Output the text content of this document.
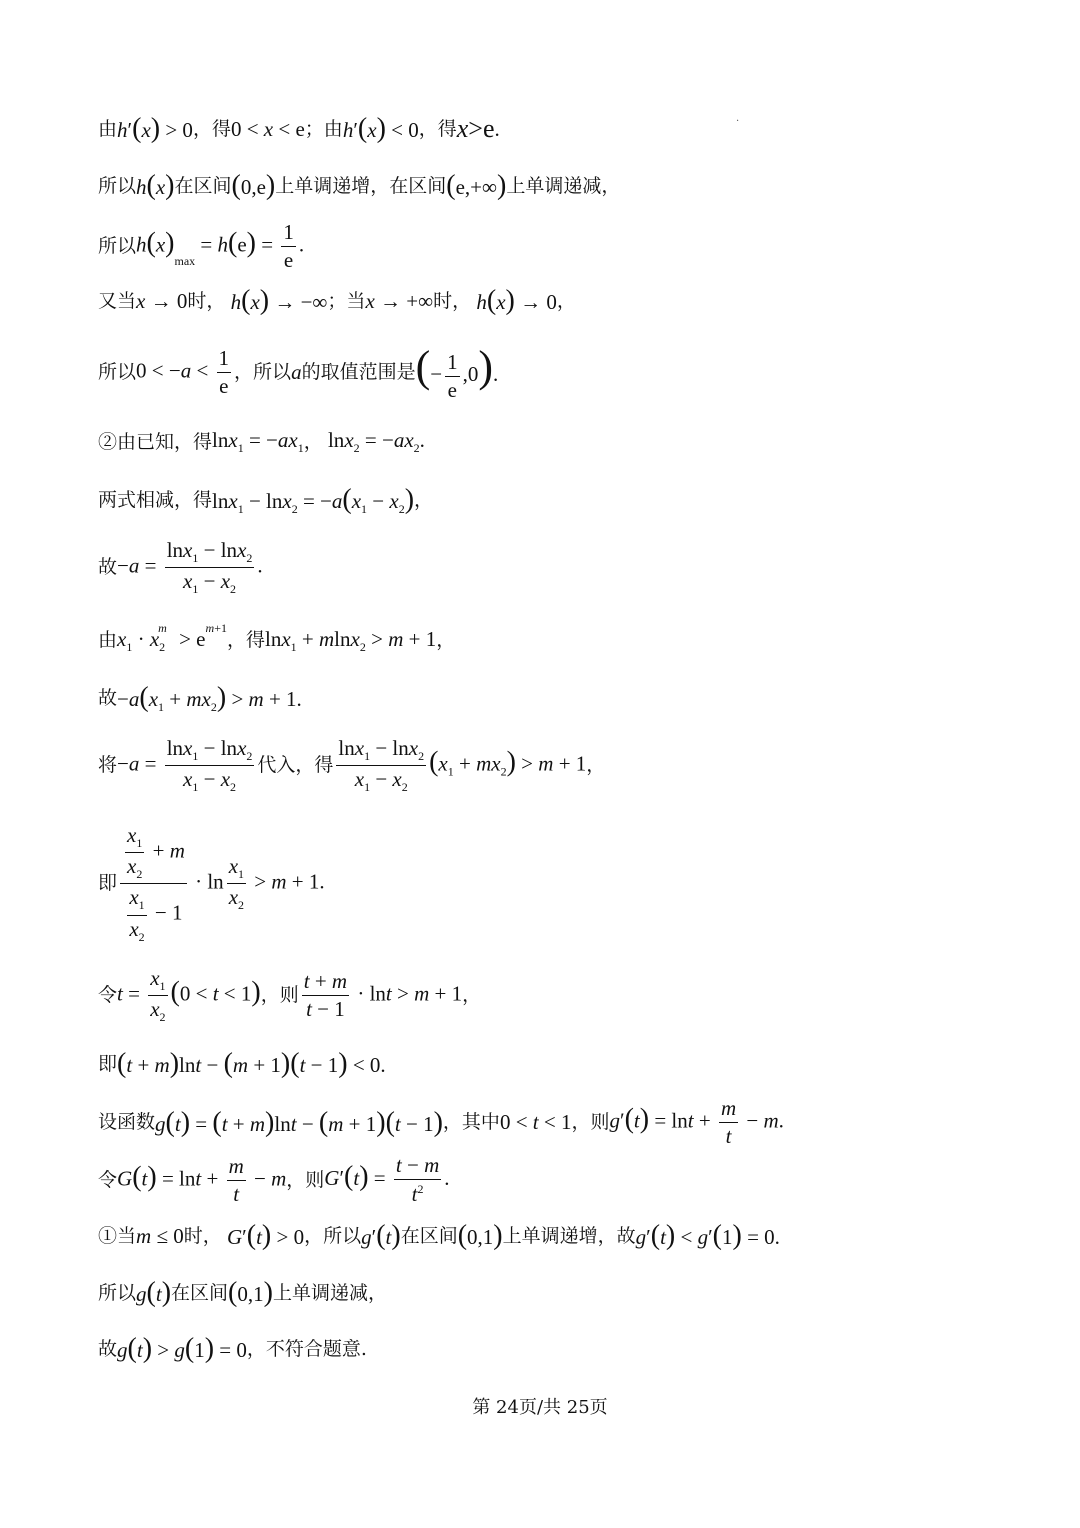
.
由 h′(x) > 0 ，得 0 < x < e ；由 h′(x) < 0 ，得 x>e .
所以 h(x) 在区间 (0,e) 上单调递增，在区间 (e,+∞) 上单调递减，
所以 $h(x)_{max} = h(e) = \frac{1}{e}$ .
又当 x → 0 时， h(x) → −∞ ；当 x → +∞ 时， h(x) → 0 ，
所以 $0 < -a < \frac{1}{e}$ ，所以 a 的取值范围是 (− $\frac{1}{e} ,0$).
②由已知，得 $\ln x_1 = -ax_1$ ， $\ln x_2 = -ax_2$.
两式相减，得 $\ln x_1 - \ln x_2 = -a(x_1 - x_2)$ ，
故 $-a = \frac{\ln x_1 - \ln x_2}{x_1 - x_2}$ .
由 $x_1 \cdot x_2^m > e^{m+1}$
，得 lnx$_1$ + mlnx$_2$ > m + 1 ，
故 $-a(x_1 + mx_2) > m + 1$.
将 $-a = \frac{\ln x_1 - \ln x_2}{x_1 - x_2}$ 代入，得 $\frac{\ln x_1 - \ln x_2}{x_1 - x_2} (x_1 + mx_2) > m + 1$ ，
即 $\frac{\frac{x_1}{x_2} + m}{\frac{x_1}{x_2} - 1} \cdot \ln \frac{x_1}{x_2} > m + 1$.
令 $t = \frac{x_1}{x_2} (0 < t < 1)$ ，则 $\frac{t + m}{t - 1} \cdot \ln t > m + 1$ ，
即 (t + m)lnt − (m + 1)(t − 1) < 0.
设函数 g(t) = (t + m)lnt − (m + 1)(t − 1) ，其中 0 < t < 1 ，则 $g'(t) = \ln t + \frac{m}{t} - m$.
令 $G(t) = \ln t + \frac{m}{t} - m$ ，则 $G'(t) = \frac{t - m}{t^2}$ .
①当 m ≤ 0 时， G′(t) > 0 ，所以 g′(t) 在区间 (0,1) 上单调递增，故 g′(t) < g′(1) = 0.
所以 g(t) 在区间 (0,1) 上单调递减，
故 g(t) > g(1) = 0 ，不符合题意.
第 24页/共 25页
